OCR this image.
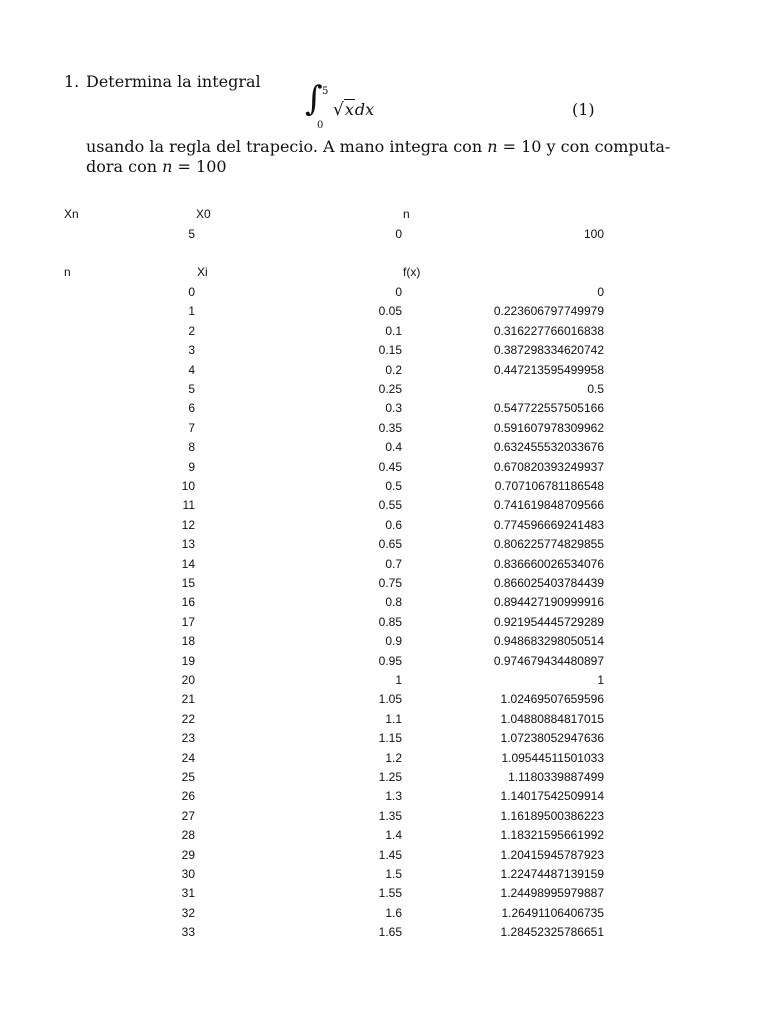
1. Determina la integral ∫ 5
0
√xdx	(1)
usando la regla del trapecio. A mano integra con n = 10 y con computa-
dora con n = 100
Xn	X0	n
5	0	100
n	Xi	f(x)
0	0	0
1	0.05	0.223606797749979
2	0.1	0.316227766016838
3	0.15	0.387298334620742
4	0.2	0.447213595499958
5	0.25	0.5
6	0.3	0.547722557505166
7	0.35	0.591607978309962
8	0.4	0.632455532033676
9	0.45	0.670820393249937
10	0.5	0.707106781186548
11	0.55	0.741619848709566
12	0.6	0.774596669241483
13	0.65	0.806225774829855
14	0.7	0.836660026534076
15	0.75	0.866025403784439
16	0.8	0.894427190999916
17	0.85	0.921954445729289
18	0.9	0.948683298050514
19	0.95	0.974679434480897
20	1	1
21	1.05	1.02469507659596
22	1.1	1.04880884817015
23	1.15	1.07238052947636
24	1.2	1.09544511501033
25	1.25	1.1180339887499
26	1.3	1.14017542509914
27	1.35	1.16189500386223
28	1.4	1.18321595661992
29	1.45	1.20415945787923
30	1.5	1.22474487139159
31	1.55	1.24498995979887
32	1.6	1.26491106406735
33	1.65	1.28452325786651
